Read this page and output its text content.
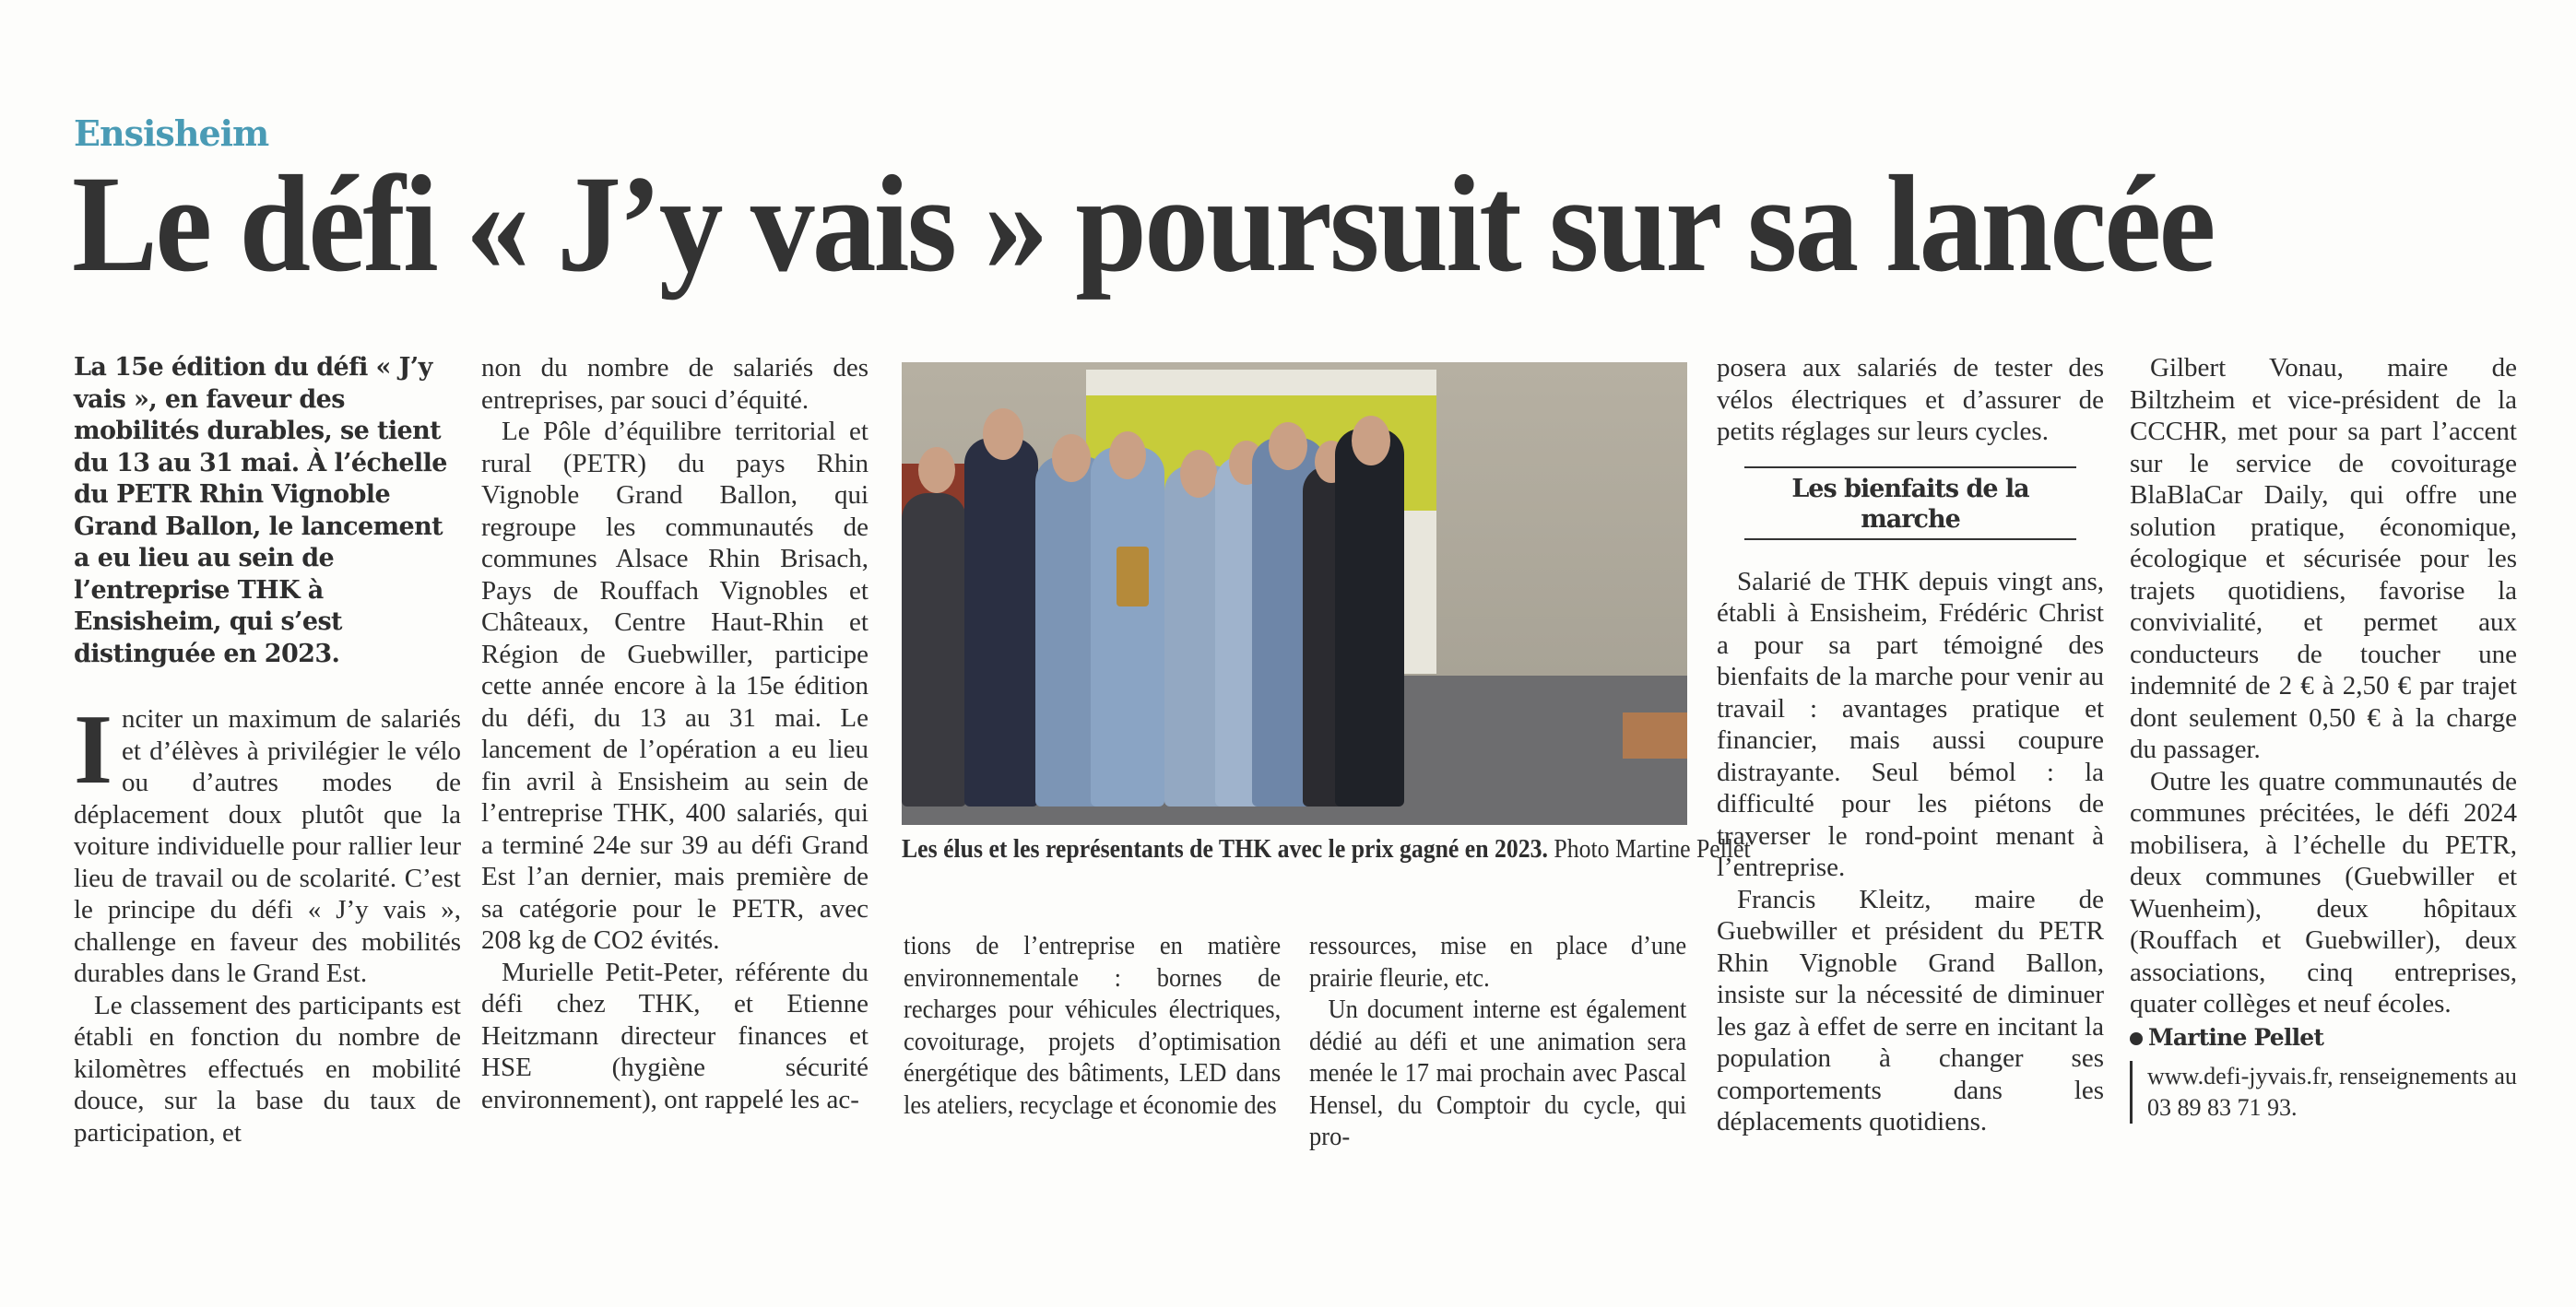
Ensisheim
Le défi « J’y vais » poursuit sur sa lancée

La 15e édition du défi « J’y vais », en faveur des mobilités durables, se tient du 13 au 31 mai. À l’échelle du PETR Rhin Vignoble Grand Ballon, le lancement a eu lieu au sein de l’entreprise THK à Ensisheim, qui s’est distinguée en 2023.

Inciter un maximum de salariés et d’élèves à privilégier le vélo ou d’autres modes de déplacement doux plutôt que la voiture individuelle pour rallier leur lieu de travail ou de scolarité. C’est le principe du défi « J’y vais », challenge en faveur des mobilités durables dans le Grand Est.

Le classement des participants est établi en fonction du nombre de kilomètres effectués en mobilité douce, sur la base du taux de participation, et

non du nombre de salariés des entreprises, par souci d’équité.

Le Pôle d’équilibre territorial et rural (PETR) du pays Rhin Vignoble Grand Ballon, qui regroupe les communautés de communes Alsace Rhin Brisach, Pays de Rouffach Vignobles et Châteaux, Centre Haut-Rhin et Région de Guebwiller, participe cette année encore à la 15e édition du défi, du 13 au 31 mai. Le lancement de l’opération a eu lieu fin avril à Ensisheim au sein de l’entreprise THK, 400 salariés, qui a terminé 24e sur 39 au défi Grand Est l’an dernier, mais première de sa catégorie pour le PETR, avec 208 kg de CO2 évités.

Murielle Petit-Peter, référente du défi chez THK, et Etienne Heitzmann directeur finances et HSE (hygiène sécurité environnement), ont rappelé les ac-

Les élus et les représentants de THK avec le prix gagné en 2023. Photo Martine Pellet

tions de l’entreprise en matière environnementale : bornes de recharges pour véhicules électriques, covoiturage, projets d’optimisation énergétique des bâtiments, LED dans les ateliers, recyclage et économie des

ressources, mise en place d’une prairie fleurie, etc.

Un document interne est également dédié au défi et une animation sera menée le 17 mai prochain avec Pascal Hensel, du Comptoir du cycle, qui pro-

posera aux salariés de tester des vélos électriques et d’assurer de petits réglages sur leurs cycles.

Les bienfaits de la marche

Salarié de THK depuis vingt ans, établi à Ensisheim, Frédéric Christ a pour sa part témoigné des bienfaits de la marche pour venir au travail : avantages pratique et financier, mais aussi coupure distrayante. Seul bémol : la difficulté pour les piétons de traverser le rond-point menant à l’entreprise.

Francis Kleitz, maire de Guebwiller et président du PETR Rhin Vignoble Grand Ballon, insiste sur la nécessité de diminuer les gaz à effet de serre en incitant la population à changer ses comportements dans les déplacements quotidiens.

Gilbert Vonau, maire de Biltzheim et vice-président de la CCCHR, met pour sa part l’accent sur le service de covoiturage BlaBlaCar Daily, qui offre une solution pratique, économique, écologique et sécurisée pour les trajets quotidiens, favorise la convivialité, et permet aux conducteurs de toucher une indemnité de 2 € à 2,50 € par trajet dont seulement 0,50 € à la charge du passager.

Outre les quatre communautés de communes précitées, le défi 2024 mobilisera, à l’échelle du PETR, deux communes (Guebwiller et Wuenheim), deux hôpitaux (Rouffach et Guebwiller), deux associations, cinq entreprises, quater collèges et neuf écoles.

Martine Pellet
www.defi-jyvais.fr, renseignements au 03 89 83 71 93.
